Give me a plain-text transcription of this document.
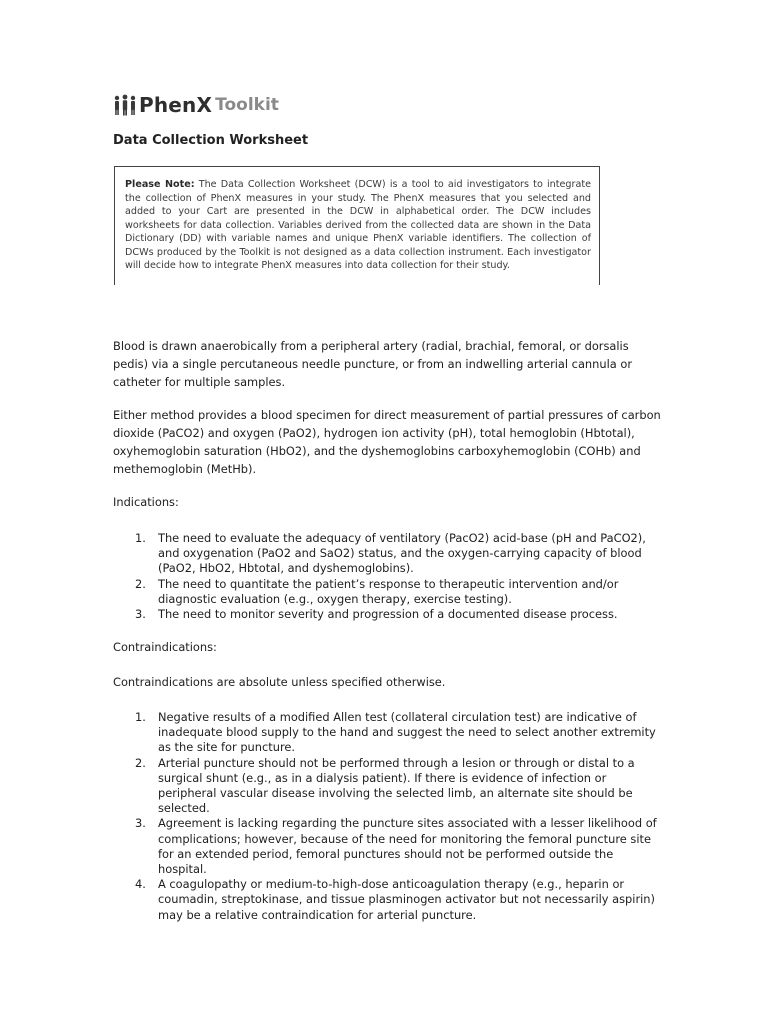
PhenX Toolkit
Data Collection Worksheet

Please Note: The Data Collection Worksheet (DCW) is a tool to aid investigators to integrate the collection of PhenX measures in your study. The PhenX measures that you selected and added to your Cart are presented in the DCW in alphabetical order. The DCW includes worksheets for data collection. Variables derived from the collected data are shown in the Data Dictionary (DD) with variable names and unique PhenX variable identifiers. The collection of DCWs produced by the Toolkit is not designed as a data collection instrument. Each investigator will decide how to integrate PhenX measures into data collection for their study.

Blood is drawn anaerobically from a peripheral artery (radial, brachial, femoral, or dorsalis pedis) via a single percutaneous needle puncture, or from an indwelling arterial cannula or catheter for multiple samples.

Either method provides a blood specimen for direct measurement of partial pressures of carbon dioxide (PaCO2) and oxygen (PaO2), hydrogen ion activity (pH), total hemoglobin (Hbtotal), oxyhemoglobin saturation (HbO2), and the dyshemoglobins carboxyhemoglobin (COHb) and methemoglobin (MetHb).

Indications:

1. The need to evaluate the adequacy of ventilatory (PacO2) acid-base (pH and PaCO2), and oxygenation (PaO2 and SaO2) status, and the oxygen-carrying capacity of blood (PaO2, HbO2, Hbtotal, and dyshemoglobins).
2. The need to quantitate the patient’s response to therapeutic intervention and/or diagnostic evaluation (e.g., oxygen therapy, exercise testing).
3. The need to monitor severity and progression of a documented disease process.

Contraindications:

Contraindications are absolute unless specified otherwise.

1. Negative results of a modified Allen test (collateral circulation test) are indicative of inadequate blood supply to the hand and suggest the need to select another extremity as the site for puncture.
2. Arterial puncture should not be performed through a lesion or through or distal to a surgical shunt (e.g., as in a dialysis patient). If there is evidence of infection or peripheral vascular disease involving the selected limb, an alternate site should be selected.
3. Agreement is lacking regarding the puncture sites associated with a lesser likelihood of complications; however, because of the need for monitoring the femoral puncture site for an extended period, femoral punctures should not be performed outside the hospital.
4. A coagulopathy or medium-to-high-dose anticoagulation therapy (e.g., heparin or coumadin, streptokinase, and tissue plasminogen activator but not necessarily aspirin) may be a relative contraindication for arterial puncture.
